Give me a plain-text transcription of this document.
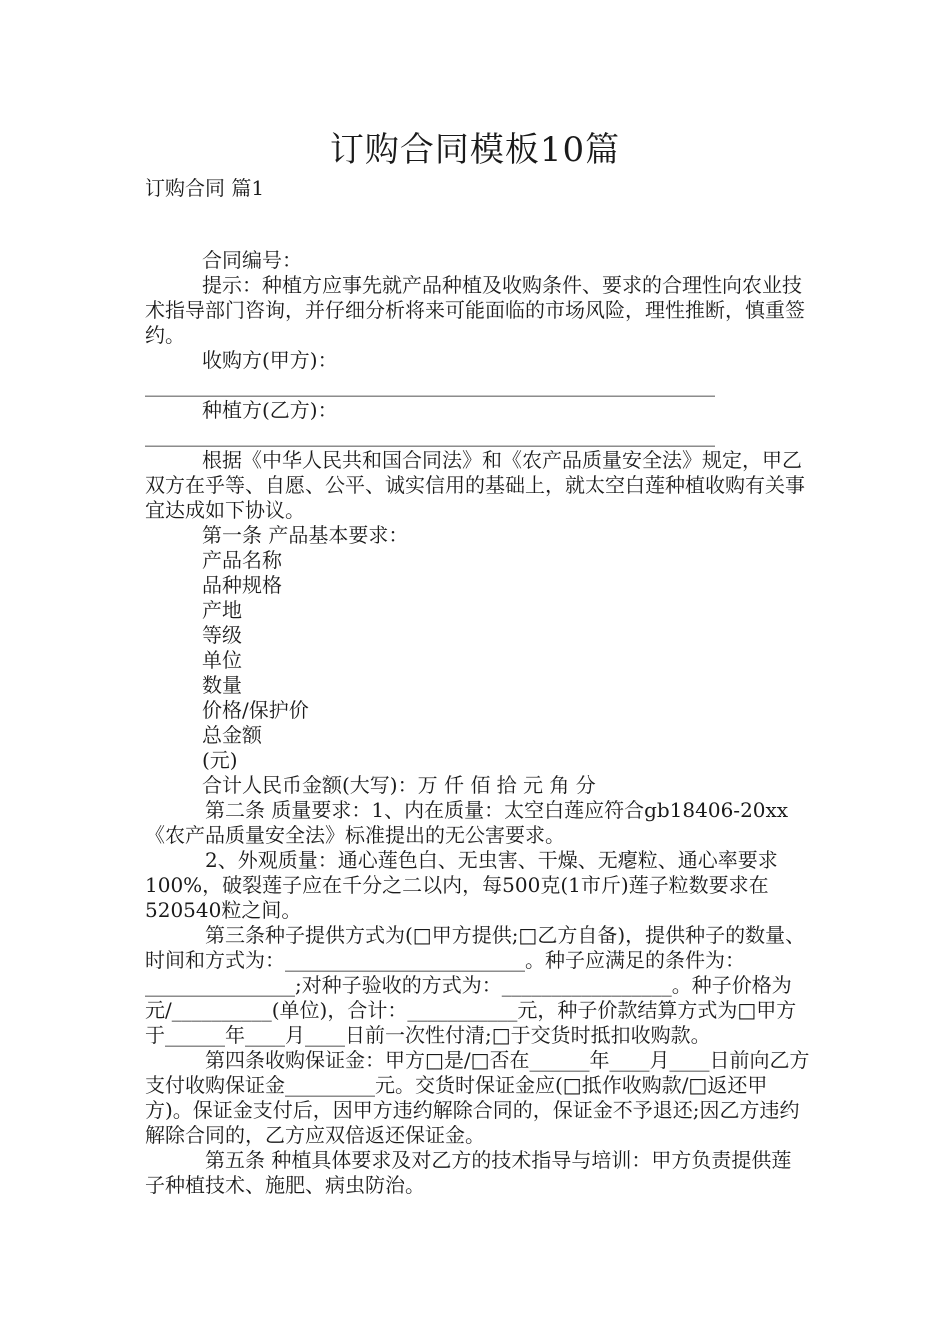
订购合同模板10篇
订购合同 篇1

合同编号：

提示：种植方应事先就产品种植及收购条件、要求的合理性向农业技术指导部门咨询，并仔细分析将来可能面临的市场风险，理性推断，慎重签约。

收购方(甲方)：_________________________________________________________

种植方(乙方)：_________________________________________________________

根据《中华人民共和国合同法》和《农产品质量安全法》规定，甲乙双方在乎等、自愿、公平、诚实信用的基础上，就太空白莲种植收购有关事宜达成如下协议。

第一条 产品基本要求：

产品名称

品种规格

产地

等级

单位

数量

价格/保护价

总金额

(元)

合计人民币金额(大写)：万 仟 佰 拾 元 角 分

第二条 质量要求：1、内在质量：太空白莲应符合gb18406-20xx《农产品质量安全法》标准提出的无公害要求。

2、外观质量：通心莲色白、无虫害、干燥、无瘪粒、通心率要求100%，破裂莲子应在千分之二以内，每500克(1市斤)莲子粒数要求在520540粒之间。

第三条种子提供方式为(□甲方提供;□乙方自备)，提供种子的数量、时间和方式为：________________________。种子应满足的条件为：_______________;对种子验收的方式为：_________________。种子价格为元/__________(单位)，合计：___________元，种子价款结算方式为□甲方于______年____月____日前一次性付清;□于交货时抵扣收购款。

第四条收购保证金：甲方□是/□否在______年____月____日前向乙方支付收购保证金_________元。交货时保证金应(□抵作收购款/□返还甲方)。保证金支付后，因甲方违约解除合同的，保证金不予退还;因乙方违约解除合同的，乙方应双倍返还保证金。

第五条 种植具体要求及对乙方的技术指导与培训：甲方负责提供莲子种植技术、施肥、病虫防治。
